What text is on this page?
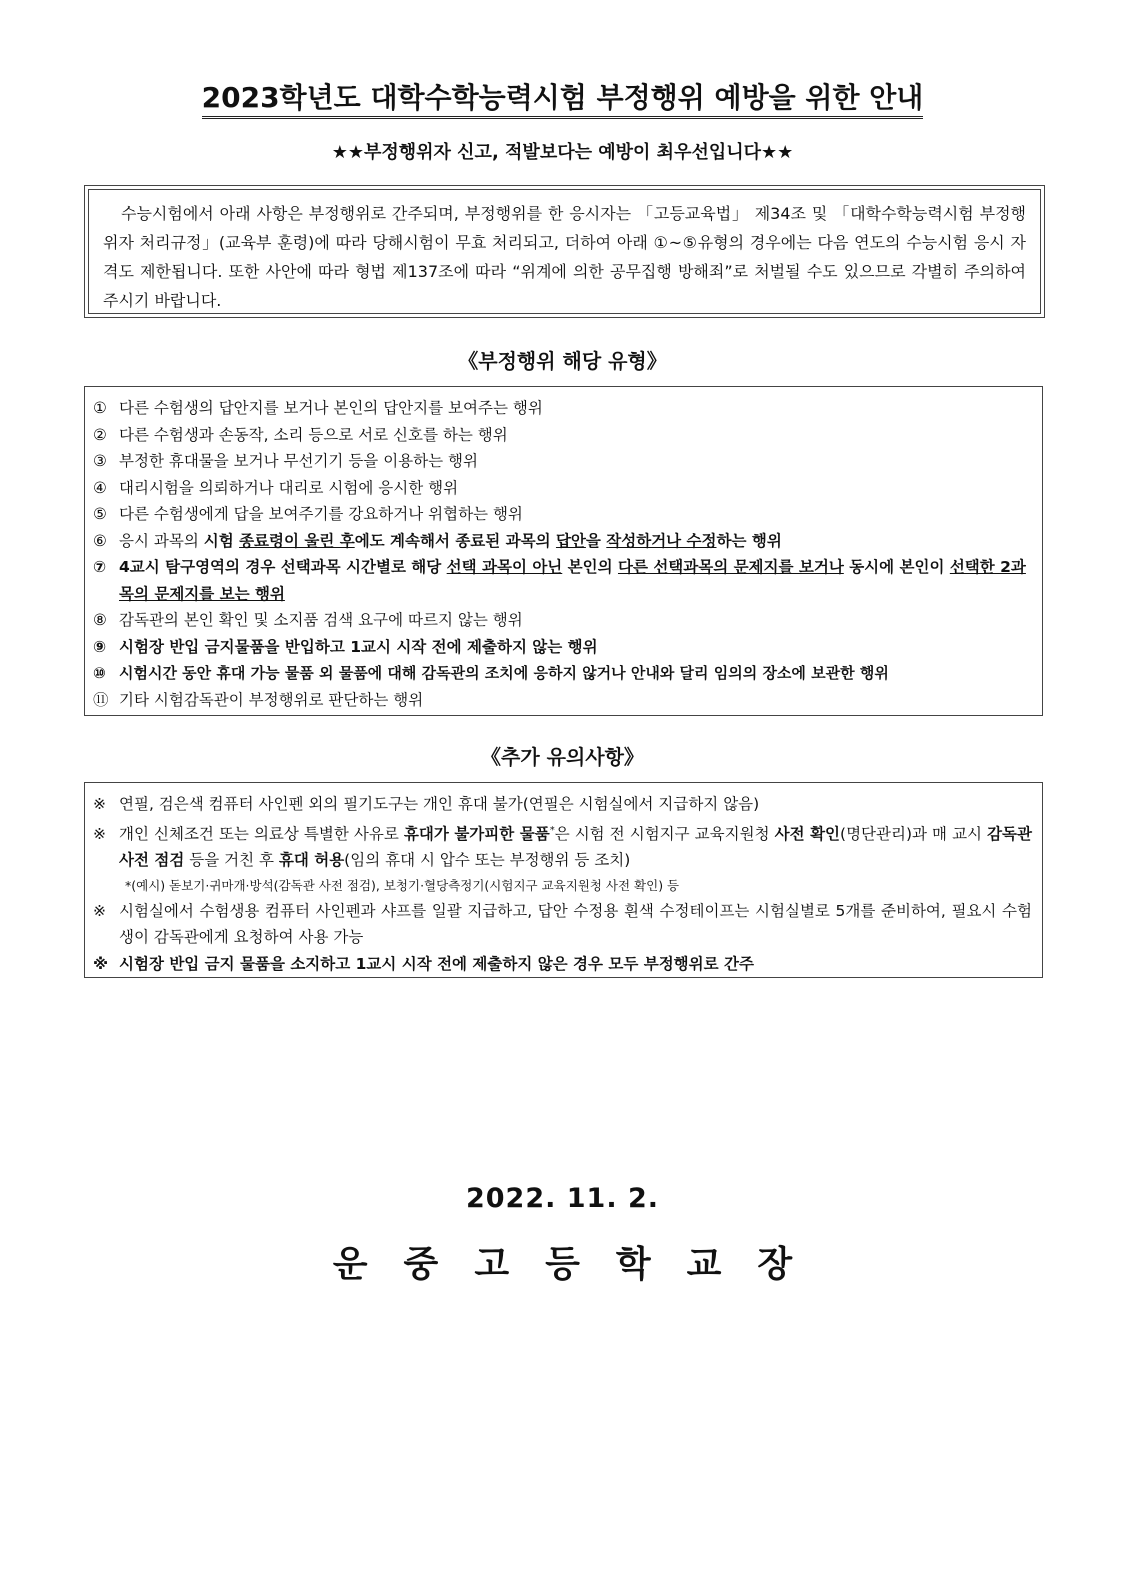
2023학년도 대학수학능력시험 부정행위 예방을 위한 안내
★★부정행위자 신고, 적발보다는 예방이 최우선입니다★★
수능시험에서 아래 사항은 부정행위로 간주되며, 부정행위를 한 응시자는 「고등교육법」 제34조 및 「대학수학능력시험 부정행위자 처리규정」(교육부 훈령)에 따라 당해시험이 무효 처리되고, 더하여 아래 ①~⑤유형의 경우에는 다음 연도의 수능시험 응시 자격도 제한됩니다. 또한 사안에 따라 형법 제137조에 따라 “위계에 의한 공무집행 방해죄”로 처벌될 수도 있으므로 각별히 주의하여 주시기 바랍니다.
《부정행위 해당 유형》
① 다른 수험생의 답안지를 보거나 본인의 답안지를 보여주는 행위
② 다른 수험생과 손동작, 소리 등으로 서로 신호를 하는 행위
③ 부정한 휴대물을 보거나 무선기기 등을 이용하는 행위
④ 대리시험을 의뢰하거나 대리로 시험에 응시한 행위
⑤ 다른 수험생에게 답을 보여주기를 강요하거나 위협하는 행위
⑥ 응시 과목의 시험 종료령이 울린 후에도 계속해서 종료된 과목의 답안을 작성하거나 수정하는 행위
⑦ 4교시 탐구영역의 경우 선택과목 시간별로 해당 선택 과목이 아닌 본인의 다른 선택과목의 문제지를 보거나 동시에 본인이 선택한 2과목의 문제지를 보는 행위
⑧ 감독관의 본인 확인 및 소지품 검색 요구에 따르지 않는 행위
⑨ 시험장 반입 금지물품을 반입하고 1교시 시작 전에 제출하지 않는 행위
⑩ 시험시간 동안 휴대 가능 물품 외 물품에 대해 감독관의 조치에 응하지 않거나 안내와 달리 임의의 장소에 보관한 행위
⑪ 기타 시험감독관이 부정행위로 판단하는 행위
《추가 유의사항》
※ 연필, 검은색 컴퓨터 사인펜 외의 필기도구는 개인 휴대 불가(연필은 시험실에서 지급하지 않음)
※ 개인 신체조건 또는 의료상 특별한 사유로 휴대가 불가피한 물품*은 시험 전 시험지구 교육지원청 사전 확인(명단관리)과 매 교시 감독관 사전 점검 등을 거친 후 휴대 허용(임의 휴대 시 압수 또는 부정행위 등 조치)
*(예시) 돋보기·귀마개·방석(감독관 사전 점검), 보청기·혈당측정기(시험지구 교육지원청 사전 확인) 등
※ 시험실에서 수험생용 컴퓨터 사인펜과 샤프를 일괄 지급하고, 답안 수정용 흰색 수정테이프는 시험실별로 5개를 준비하여, 필요시 수험생이 감독관에게 요청하여 사용 가능
※ 시험장 반입 금지 물품을 소지하고 1교시 시작 전에 제출하지 않은 경우 모두 부정행위로 간주
2022. 11. 2.
운중고등학교장
